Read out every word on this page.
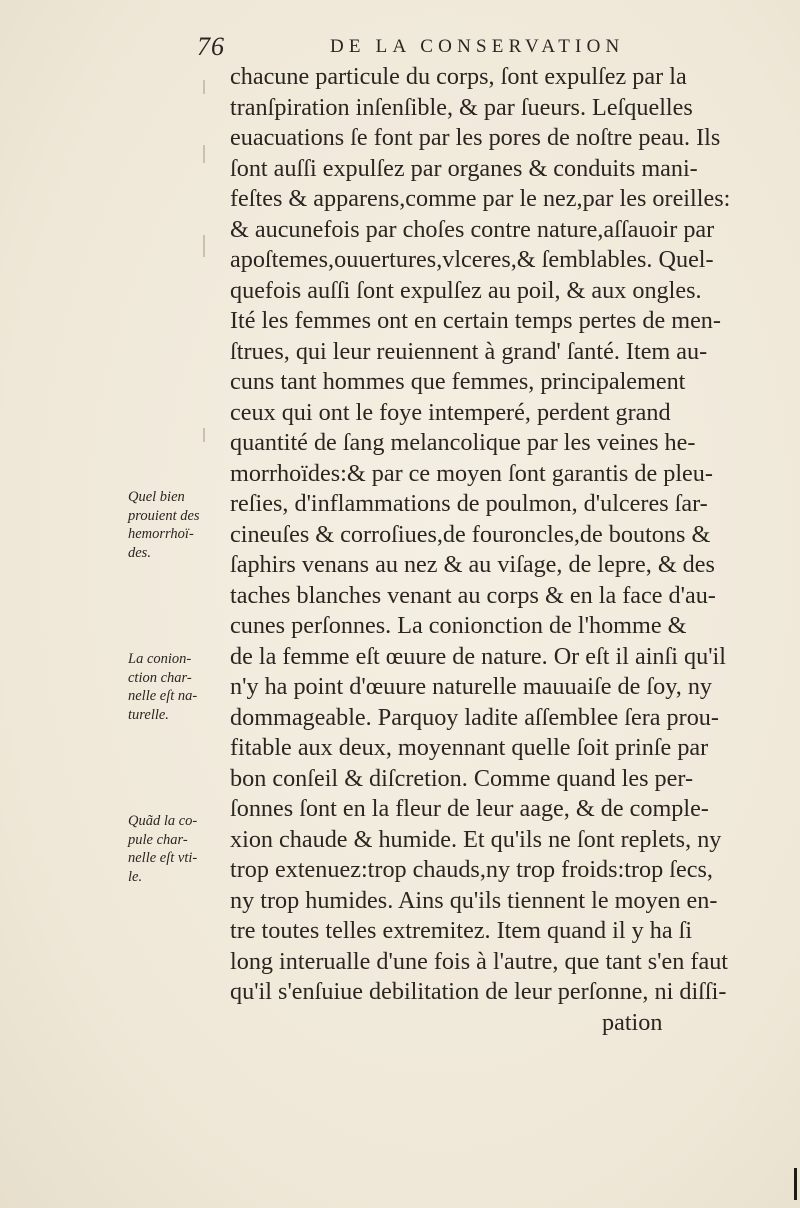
76	DE LA CONSERVATION
chacune particule du corps, ſont expulſez par la
tranſpiration inſenſible, & par ſueurs. Leſquelles
euacuations ſe font par les pores de noſtre peau. Ils
ſont auſſi expulſez par organes & conduits mani-
feſtes & apparens,comme par le nez,par les oreilles:
& aucunefois par choſes contre nature,aſſauoir par
apoſtemes,ouuertures,vlceres,& ſemblables. Quel-
quefois auſſi ſont expulſez au poil, & aux ongles.
Ité les femmes ont en certain temps pertes de men-
ſtrues, qui leur reuiennent à grand' ſanté. Item au-
cuns tant hommes que femmes, principalement
ceux qui ont le foye intemperé, perdent grand
quantité de ſang melancolique par les veines he-
morrhoïdes:& par ce moyen ſont garantis de pleu-
reſies, d'inflammations de poulmon, d'ulceres ſar-
cineuſes & corroſiues,de fouroncles,de boutons &
ſaphirs venans au nez & au viſage, de lepre, & des
taches blanches venant au corps & en la face d'au-
cunes perſonnes. La conionction de l'homme &
de la femme eſt œuure de nature. Or eſt il ainſi qu'il
n'y ha point d'œuure naturelle mauuaiſe de ſoy, ny
dommageable. Parquoy ladite aſſemblee ſera prou-
fitable aux deux, moyennant quelle ſoit prinſe par
bon conſeil & diſcretion. Comme quand les per-
ſonnes ſont en la fleur de leur aage, & de comple-
xion chaude & humide. Et qu'ils ne ſont replets, ny
trop extenuez:trop chauds,ny trop froids:trop ſecs,
ny trop humides. Ains qu'ils tiennent le moyen en-
tre toutes telles extremitez. Item quand il y ha ſi
long interualle d'une fois à l'autre, que tant s'en faut
qu'il s'enſuiue debilitation de leur perſonne, ni diſſi-
pation
Quel bien
prouient des
hemorrhoï-
des.
La conion-
ction char-
nelle eſt na-
turelle.
Quãd la co-
pule char-
nelle eſt vti-
le.
